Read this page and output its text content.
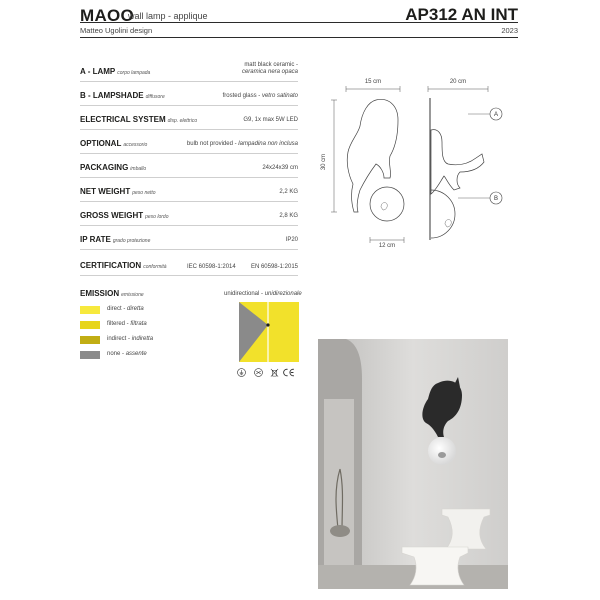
MAOO
wall lamp - applique
Matteo Ugolini design
AP312 AN INT
2023
A - LAMP corpo lampada
matt black ceramic -
ceramica nera opaca
B - LAMPSHADE diffusore	frosted glass - vetro satinato
ELECTRICAL SYSTEM disp. elettrico	G9, 1x max 5W LED
OPTIONAL accessorio	bulb not provided - lampadina non inclusa
PACKAGING imballo	24x24x39 cm
NET WEIGHT peso netto	2,2 KG
GROSS WEIGHT peso lordo	2,8 KG
IP RATE grado protezione	IP20
CERTIFICATION conformità	IEC 60598-1:2014	EN 60598-1:2015
EMISSION emissione	unidirectional - unidirezionale
direct - diretta
filtered - filtrata
indirect - indiretta
none - assente
15 cm
30 cm
12 cm
20 cm
A
B
